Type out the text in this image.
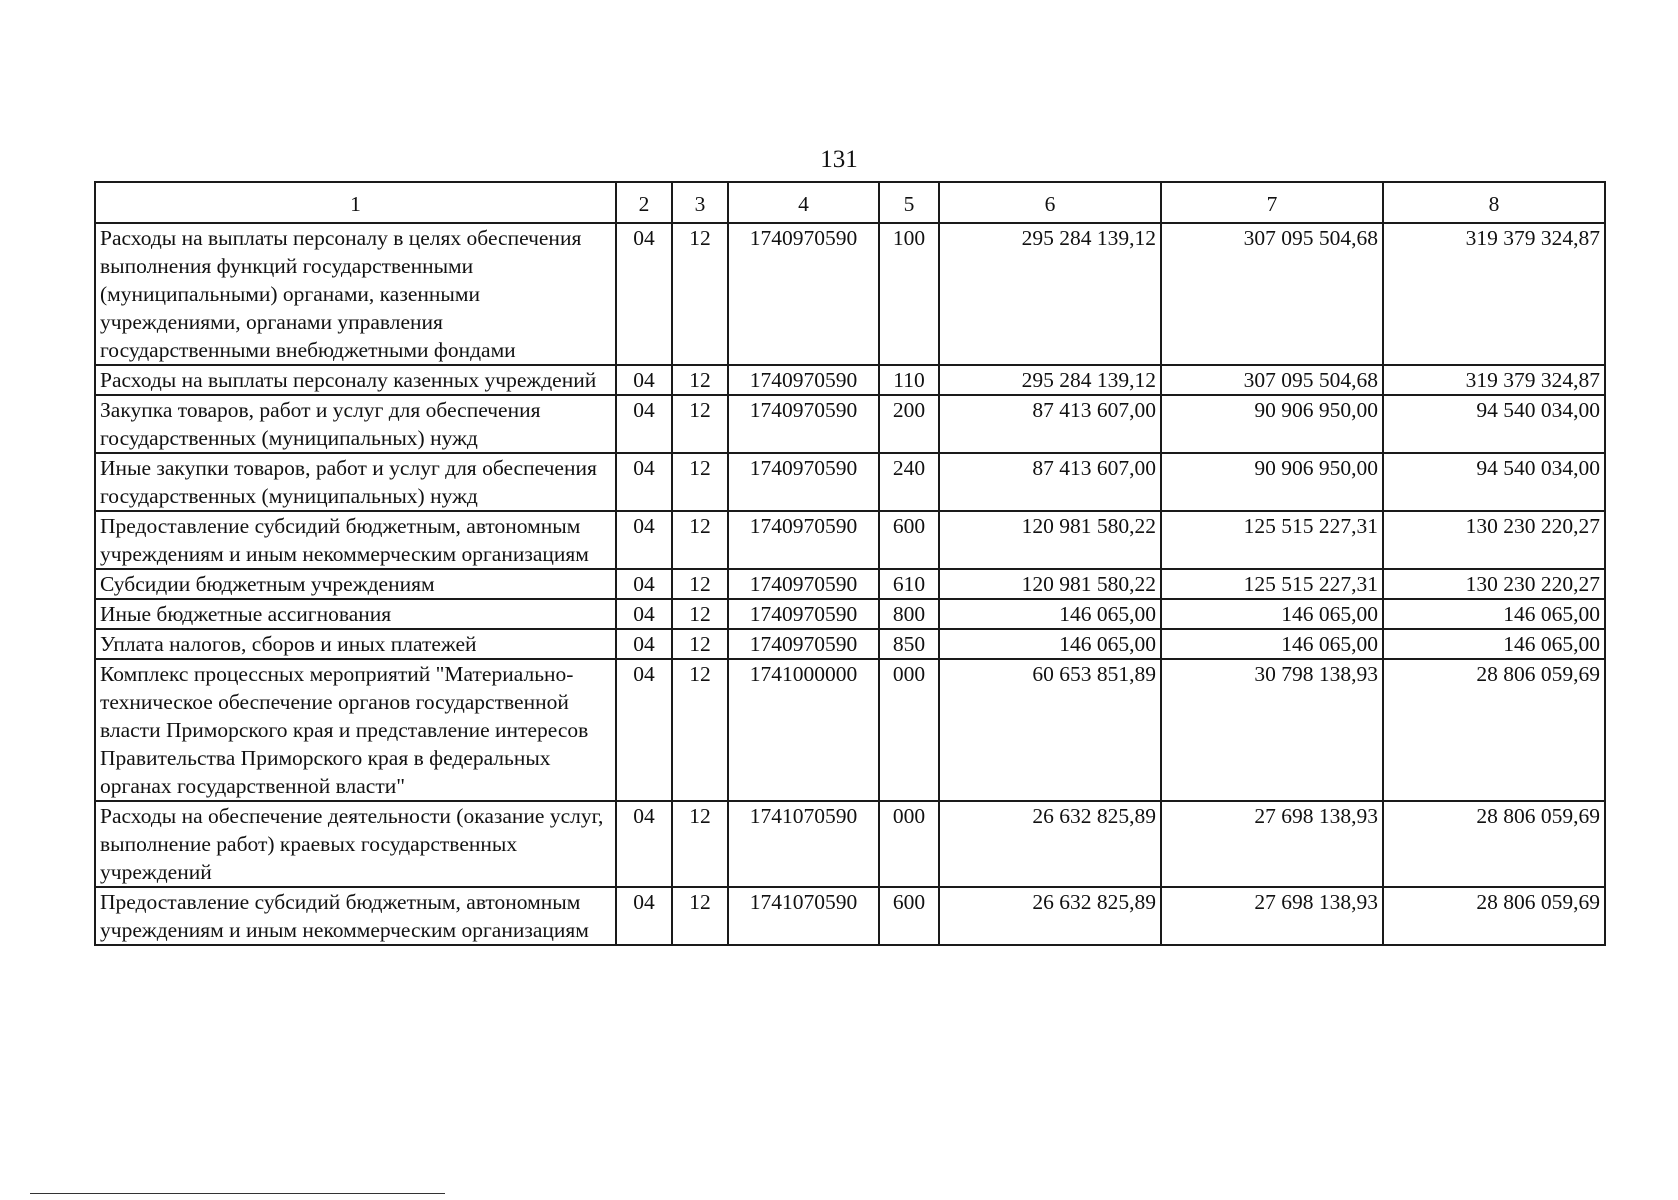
131
1	2	3	4	5	6	7	8
Расходы на выплаты персоналу в целях обеспечения выполнения функций государственными (муниципальными) органами, казенными учреждениями, органами управления государственными внебюджетными фондами	04	12	1740970590	100	295 284 139,12	307 095 504,68	319 379 324,87
Расходы на выплаты персоналу казенных учреждений	04	12	1740970590	110	295 284 139,12	307 095 504,68	319 379 324,87
Закупка товаров, работ и услуг для обеспечения государственных (муниципальных) нужд	04	12	1740970590	200	87 413 607,00	90 906 950,00	94 540 034,00
Иные закупки товаров, работ и услуг для обеспечения государственных (муниципальных) нужд	04	12	1740970590	240	87 413 607,00	90 906 950,00	94 540 034,00
Предоставление субсидий бюджетным, автономным учреждениям и иным некоммерческим организациям	04	12	1740970590	600	120 981 580,22	125 515 227,31	130 230 220,27
Субсидии бюджетным учреждениям	04	12	1740970590	610	120 981 580,22	125 515 227,31	130 230 220,27
Иные бюджетные ассигнования	04	12	1740970590	800	146 065,00	146 065,00	146 065,00
Уплата налогов, сборов и иных платежей	04	12	1740970590	850	146 065,00	146 065,00	146 065,00
Комплекс процессных мероприятий "Материально-техническое обеспечение органов государственной власти Приморского края и представление интересов Правительства Приморского края в федеральных органах государственной власти"	04	12	1741000000	000	60 653 851,89	30 798 138,93	28 806 059,69
Расходы на обеспечение деятельности (оказание услуг, выполнение работ) краевых государственных учреждений	04	12	1741070590	000	26 632 825,89	27 698 138,93	28 806 059,69
Предоставление субсидий бюджетным, автономным учреждениям и иным некоммерческим организациям	04	12	1741070590	600	26 632 825,89	27 698 138,93	28 806 059,69
